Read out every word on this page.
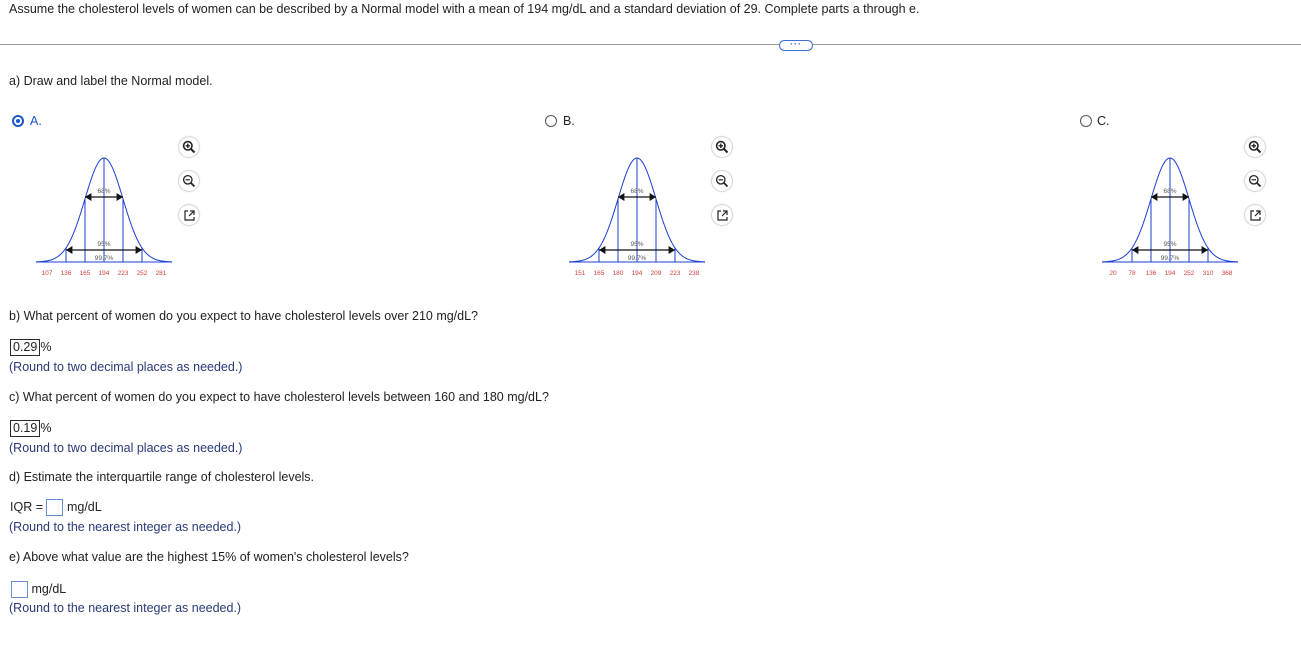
Assume the cholesterol levels of women can be described by a Normal model with a mean of 194 mg/dL and a standard deviation of 29. Complete parts a through e.
···
a) Draw and label the Normal model.
A.
68%
95%
99.7%
107 136 165 194 223 252 281
B.
68%
95%
99.7%
151 165 180 194 209 223 238
C.
68%
95%
99.7%
20 78 136 194 252 310 368
b) What percent of women do you expect to have cholesterol levels over 210 mg/dL?
0.29 %
(Round to two decimal places as needed.)
c) What percent of women do you expect to have cholesterol levels between 160 and 180 mg/dL?
0.19 %
(Round to two decimal places as needed.)
d) Estimate the interquartile range of cholesterol levels.
IQR = mg/dL
(Round to the nearest integer as needed.)
e) Above what value are the highest 15% of women's cholesterol levels?
mg/dL
(Round to the nearest integer as needed.)
